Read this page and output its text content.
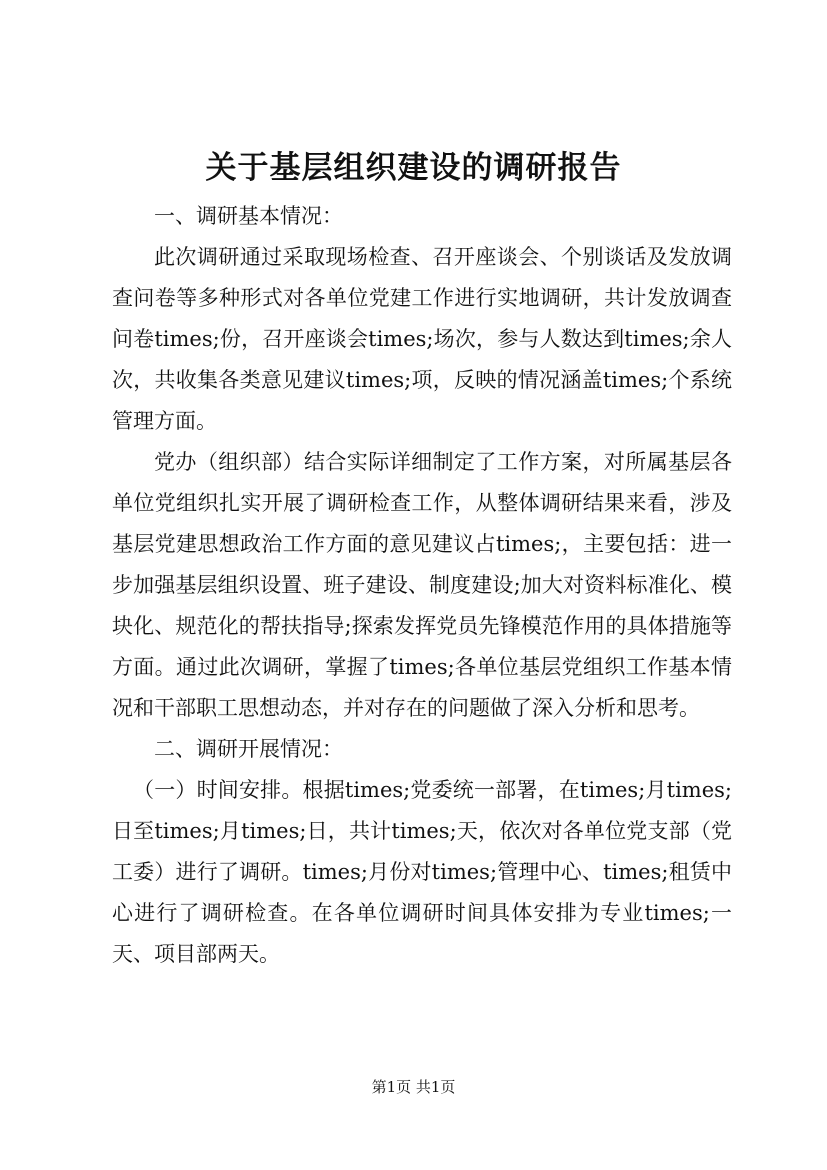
关于基层组织建设的调研报告

一、调研基本情况：

此次调研通过采取现场检查、召开座谈会、个别谈话及发放调查问卷等多种形式对各单位党建工作进行实地调研，共计发放调查问卷times;份，召开座谈会times;场次，参与人数达到times;余人次，共收集各类意见建议times;项，反映的情况涵盖times;个系统管理方面。

党办（组织部）结合实际详细制定了工作方案，对所属基层各单位党组织扎实开展了调研检查工作，从整体调研结果来看，涉及基层党建思想政治工作方面的意见建议占times;，主要包括：进一步加强基层组织设置、班子建设、制度建设;加大对资料标准化、模块化、规范化的帮扶指导;探索发挥党员先锋模范作用的具体措施等方面。通过此次调研，掌握了times;各单位基层党组织工作基本情况和干部职工思想动态，并对存在的问题做了深入分析和思考。

二、调研开展情况：

（一）时间安排。根据times;党委统一部署，在times;月times;日至times;月times;日，共计times;天，依次对各单位党支部（党工委）进行了调研。times;月份对times;管理中心、times;租赁中心进行了调研检查。在各单位调研时间具体安排为专业times;一天、项目部两天。

第1页 共1页
